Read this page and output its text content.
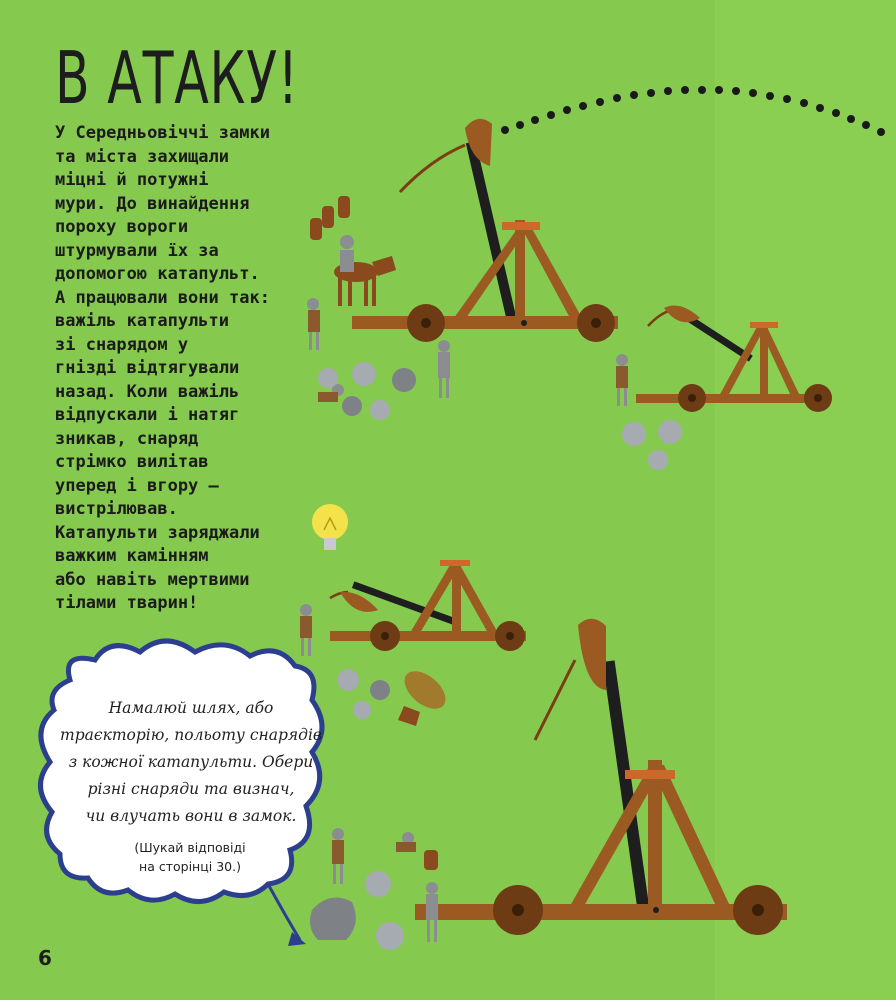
В АТАКУ!
У Середньовіччі замки
та міста захищали
міцні й потужні
мури. До винайдення
пороху вороги
штурмували їх за
допомогою катапульт.
А працювали вони так:
важіль катапульти
зі снарядом у
гнізді відтягували
назад. Коли важіль
відпускали і натяг
зникав, снаряд
стрімко вилітав
уперед і вгору —
вистрілював.
Катапульти заряджали
важким камінням
або навіть мертвими
тілами тварин!
Намалюй шлях, або
траєкторію, польоту снарядів
з кожної катапульти. Обери
різні снаряди та визнач,
чи влучать вони в замок.
(Шукай відповіді
на сторінці 30.)
6
